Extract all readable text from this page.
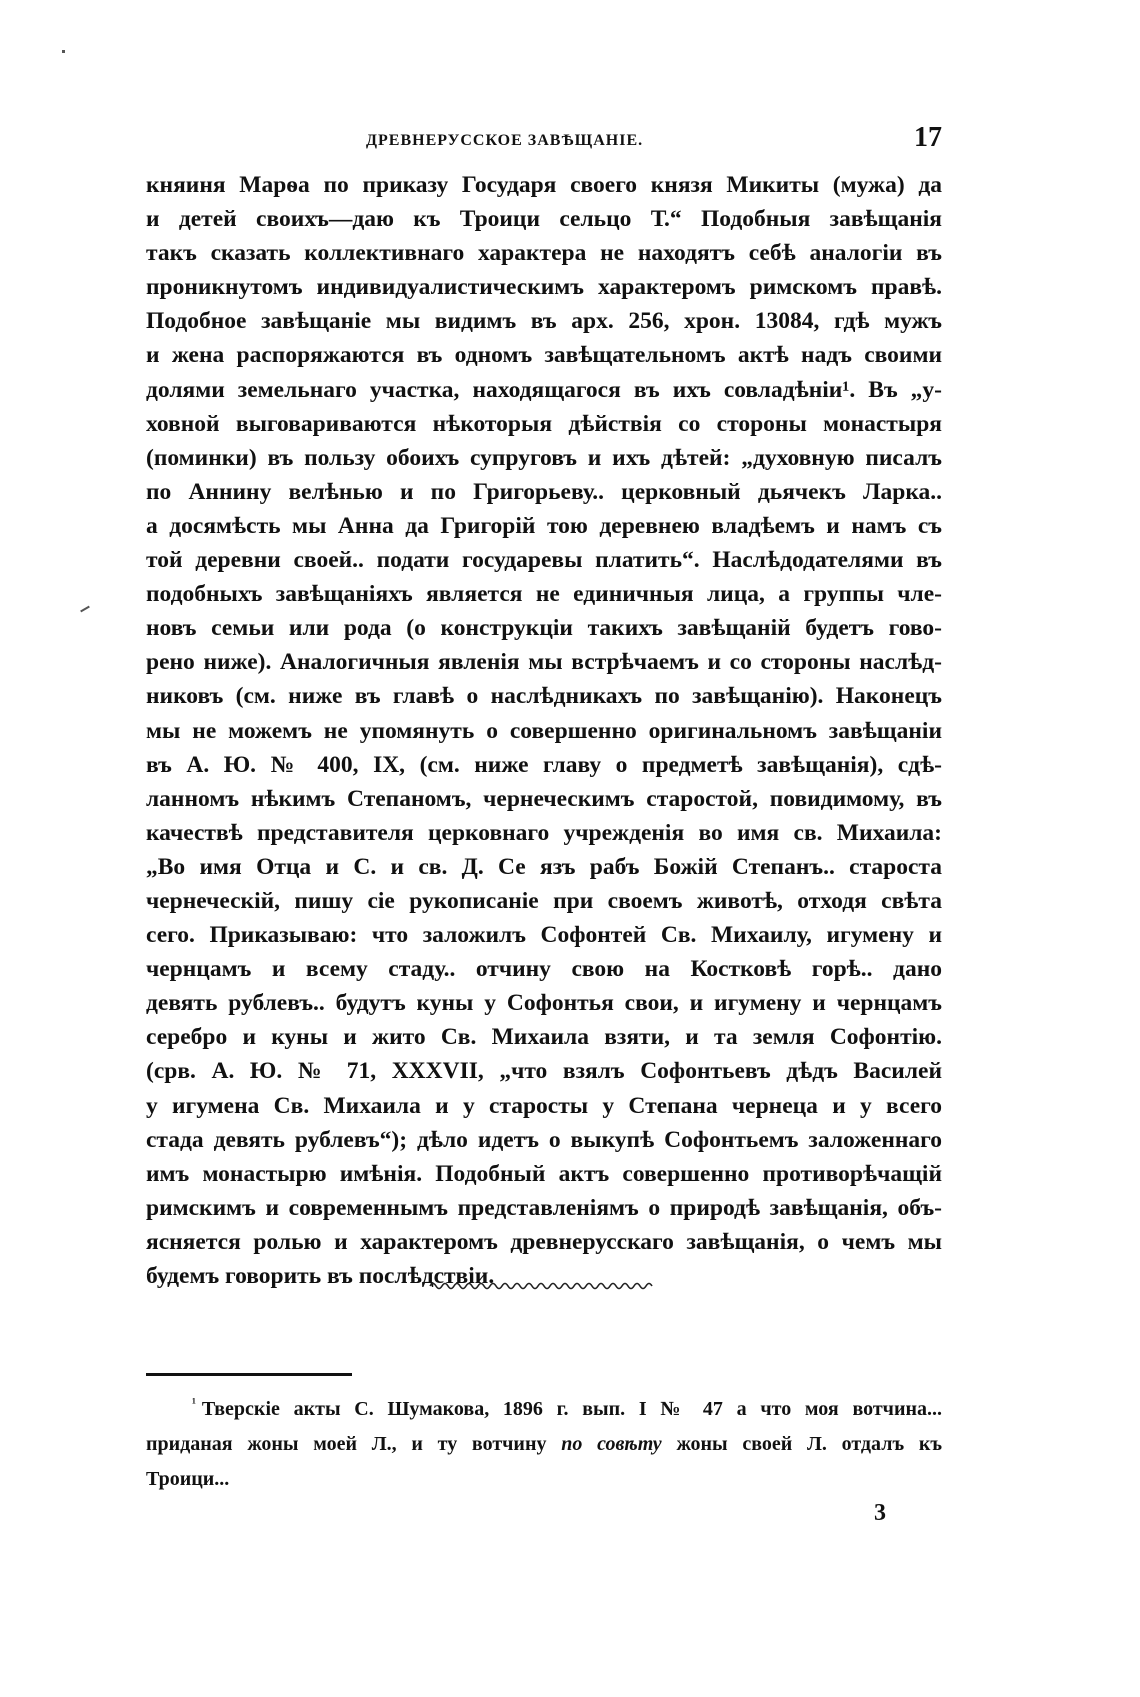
ДРЕВНЕРУССКОЕ ЗАВѢЩАНІЕ.	17
княиня Марѳа по приказу Государя своего князя Микиты (мужа) да
и детей своихъ—даю къ Троици сельцо Т.“ Подобныя завѣщанія
такъ сказать коллективнаго характера не находятъ себѣ аналогіи въ
проникнутомъ индивидуалистическимъ характеромъ римскомъ правѣ.
Подобное завѣщаніе мы видимъ въ арх. 256, хрон. 13084, гдѣ мужъ
и жена распоряжаются въ одномъ завѣщательномъ актѣ надъ своими
долями земельнаго участка, находящагося въ ихъ совладѣніи¹. Въ „у-
ховной выговариваются нѣкоторыя дѣйствія со стороны монастыря
(поминки) въ пользу обоихъ супруговъ и ихъ дѣтей: „духовную писалъ
по Аннину велѣнью и по Григорьеву.. церковный дьячекъ Ларка..
а досямѣсть мы Анна да Григорій тою деревнею владѣемъ и намъ съ
той деревни своей.. подати государевы платить“. Наслѣдодателями въ
подобныхъ завѣщаніяхъ является не единичныя лица, а группы чле-
новъ семьи или рода (о конструкціи такихъ завѣщаній будетъ гово-
рено ниже). Аналогичныя явленія мы встрѣчаемъ и со стороны наслѣд-
никовъ (см. ниже въ главѣ о наслѣдникахъ по завѣщанію). Наконецъ
мы не можемъ не упомянуть о совершенно оригинальномъ завѣщаніи
въ А. Ю. № 400, IX, (см. ниже главу о предметѣ завѣщанія), сдѣ-
ланномъ нѣкимъ Степаномъ, чернеческимъ старостой, повидимому, въ
качествѣ представителя церковнаго учрежденія во имя св. Михаила:
„Во имя Отца и С. и св. Д. Се язъ рабъ Божій Степанъ.. староста
чернеческій, пишу сіе рукописаніе при своемъ животѣ, отходя свѣта
сего. Приказываю: что заложилъ Софонтей Св. Михаилу, игумену и
чернцамъ и всему стаду.. отчину свою на Костковѣ горѣ.. дано
девять рублевъ.. будутъ куны у Софонтья свои, и игумену и чернцамъ
серебро и куны и жито Св. Михаила взяти, и та земля Софонтію.
(срв. А. Ю. № 71, XXXVII, „что взялъ Софонтьевъ дѣдъ Василей
у игумена Св. Михаила и у старосты у Степана чернеца и у всего
стада девять рублевъ“); дѣло идетъ о выкупѣ Софонтьемъ заложеннаго
имъ монастырю имѣнія. Подобный актъ совершенно противорѣчащій
римскимъ и современнымъ представленіямъ о природѣ завѣщанія, объ-
ясняется ролью и характеромъ древнерусскаго завѣщанія, о чемъ мы
будемъ говорить въ послѣдствіи.
$^{^1}$ Тверскіе акты С. Шумакова, 1896 г. вып. I № 47 а что моя вотчина...
приданая жоны моей Л., и ту вотчину по совѣту жоны своей Л. отдалъ къ
Троици...
3
